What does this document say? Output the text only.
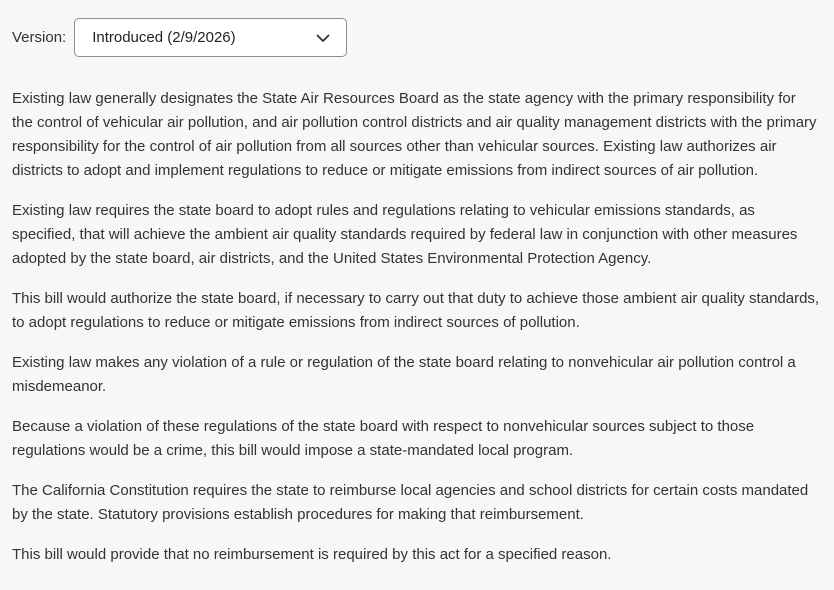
Version: Introduced (2/9/2026)

Existing law generally designates the State Air Resources Board as the state agency with the primary responsibility for the control of vehicular air pollution, and air pollution control districts and air quality management districts with the primary responsibility for the control of air pollution from all sources other than vehicular sources. Existing law authorizes air districts to adopt and implement regulations to reduce or mitigate emissions from indirect sources of air pollution.

Existing law requires the state board to adopt rules and regulations relating to vehicular emissions standards, as specified, that will achieve the ambient air quality standards required by federal law in conjunction with other measures adopted by the state board, air districts, and the United States Environmental Protection Agency.

This bill would authorize the state board, if necessary to carry out that duty to achieve those ambient air quality standards, to adopt regulations to reduce or mitigate emissions from indirect sources of pollution.

Existing law makes any violation of a rule or regulation of the state board relating to nonvehicular air pollution control a misdemeanor.

Because a violation of these regulations of the state board with respect to nonvehicular sources subject to those regulations would be a crime, this bill would impose a state-mandated local program.

The California Constitution requires the state to reimburse local agencies and school districts for certain costs mandated by the state. Statutory provisions establish procedures for making that reimbursement.

This bill would provide that no reimbursement is required by this act for a specified reason.
